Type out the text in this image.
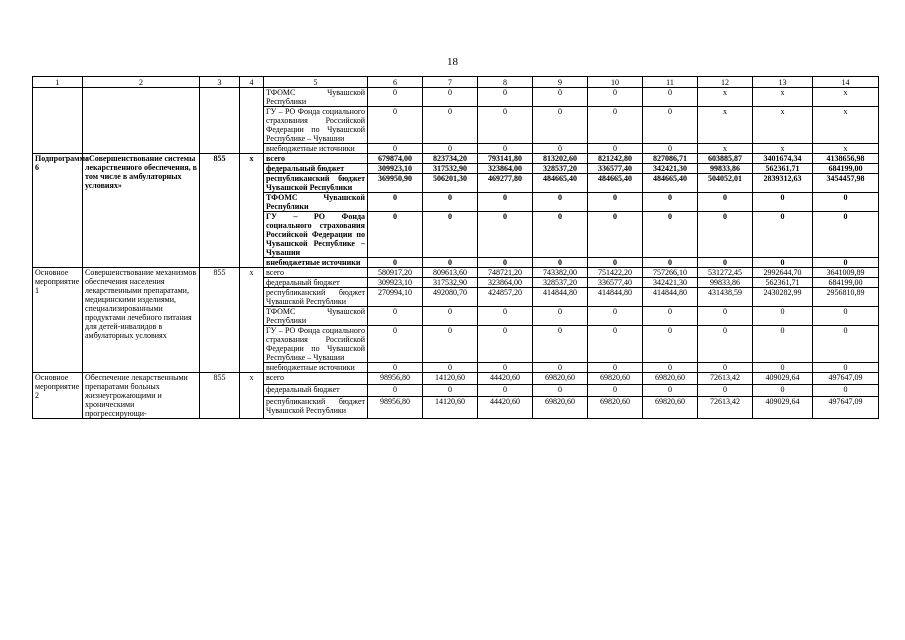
18
1	2	3	4	5	6	7	8	9	10	11	12	13	14
				ТФОМС Чувашской Республики	0	0	0	0	0	0	x	x	x
				ГУ – РО Фонда социального страхования Российской Федерации по Чувашской Республике – Чувашии	0	0	0	0	0	0	x	x	x
				внебюджетные источники	0	0	0	0	0	0	x	x	x
Подпрограмма 6	«Совершенствование системы лекарственного обеспечения, в том числе в амбулаторных условиях»	855	x	всего	679874,00	823734,20	793141,80	813202,60	821242,80	827086,71	603885,87	3401674,34	4138656,98
				федеральный бюджет	309923,10	317532,90	323864,00	328537,20	336577,40	342421,30	99833,86	562361,71	684199,00
				республиканский бюджет Чувашской Республики	369950,90	506201,30	469277,80	484665,40	484665,40	484665,40	504052,01	2839312,63	3454457,98
				ТФОМС Чувашской Республики	0	0	0	0	0	0	0	0	0
				ГУ – РО Фонда социального страхования Российской Федерации по Чувашской Республике – Чувашии	0	0	0	0	0	0	0	0	0
				внебюджетные источники	0	0	0	0	0	0	0	0	0
Основное мероприятие 1	Совершенствование механизмов обеспечения населения лекарственными препаратами, медицинскими изделиями, специализированными продуктами лечебного питания для детей-инвалидов в амбулаторных условиях	855	x	всего	580917,20	809613,60	748721,20	743382,00	751422,20	757266,10	531272,45	2992644,70	3641009,89
				федеральный бюджет	309923,10	317532,90	323864,00	328537,20	336577,40	342421,30	99833,86	562361,71	684199,00
				республиканский бюджет Чувашской Республики	270994,10	492080,70	424857,20	414844,80	414844,80	414844,80	431438,59	2430282,99	2956810,89
				ТФОМС Чувашской Республики	0	0	0	0	0	0	0	0	0
				ГУ – РО Фонда социального страхования Российской Федерации по Чувашской Республике – Чувашии	0	0	0	0	0	0	0	0	0
				внебюджетные источники	0	0	0	0	0	0	0	0	0
Основное мероприятие 2	Обеспечение лекарственными препаратами больных жизнеугрожающими и хроническими прогрессирующи-	855	x	всего	98956,80	14120,60	44420,60	69820,60	69820,60	69820,60	72613,42	409029,64	497647,09
				федеральный бюджет	0	0	0	0	0	0	0	0	0
				республиканский бюджет Чувашской Республики	98956,80	14120,60	44420,60	69820,60	69820,60	69820,60	72613,42	409029,64	497647,09
